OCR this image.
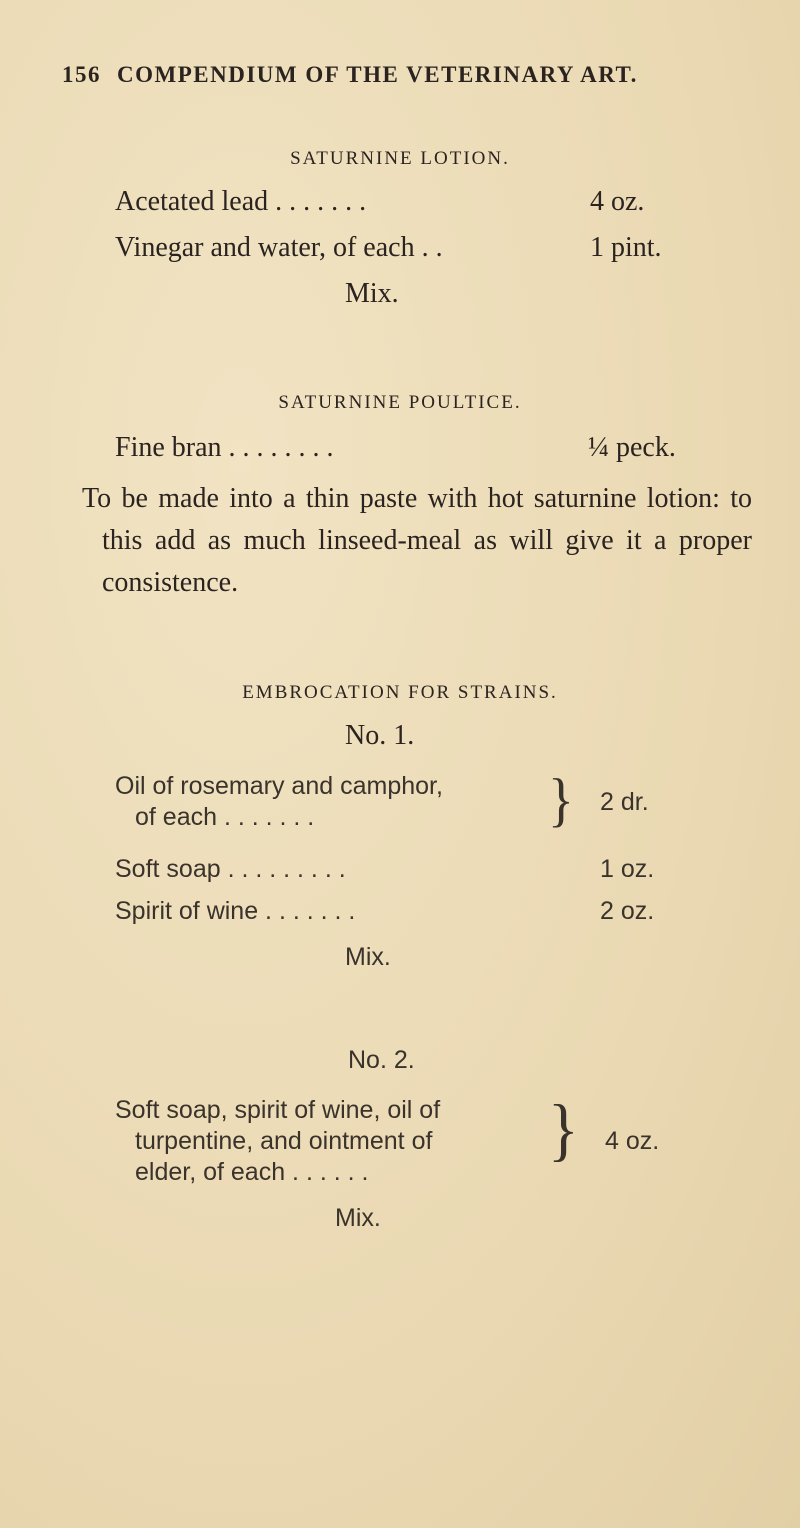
156 COMPENDIUM OF THE VETERINARY ART.
SATURNINE LOTION.
Acetated lead . . . . . . .	4 oz.
Vinegar and water, of each . .	1 pint.
Mix.
SATURNINE POULTICE.
Fine bran . . . . . . . .	¼ peck.
To be made into a thin paste with hot saturnine lotion: to this add as much linseed-meal as will give it a proper consistence.
EMBROCATION FOR STRAINS.
No. 1.
Oil of rosemary and camphor,
of each . . . . . . .	} 2 dr.
Soft soap . . . . . . . . .	1 oz.
Spirit of wine . . . . . . .	2 oz.
Mix.
No. 2.
Soft soap, spirit of wine, oil of
turpentine, and ointment of
elder, of each . . . . . .
} 4 oz.
Mix.
